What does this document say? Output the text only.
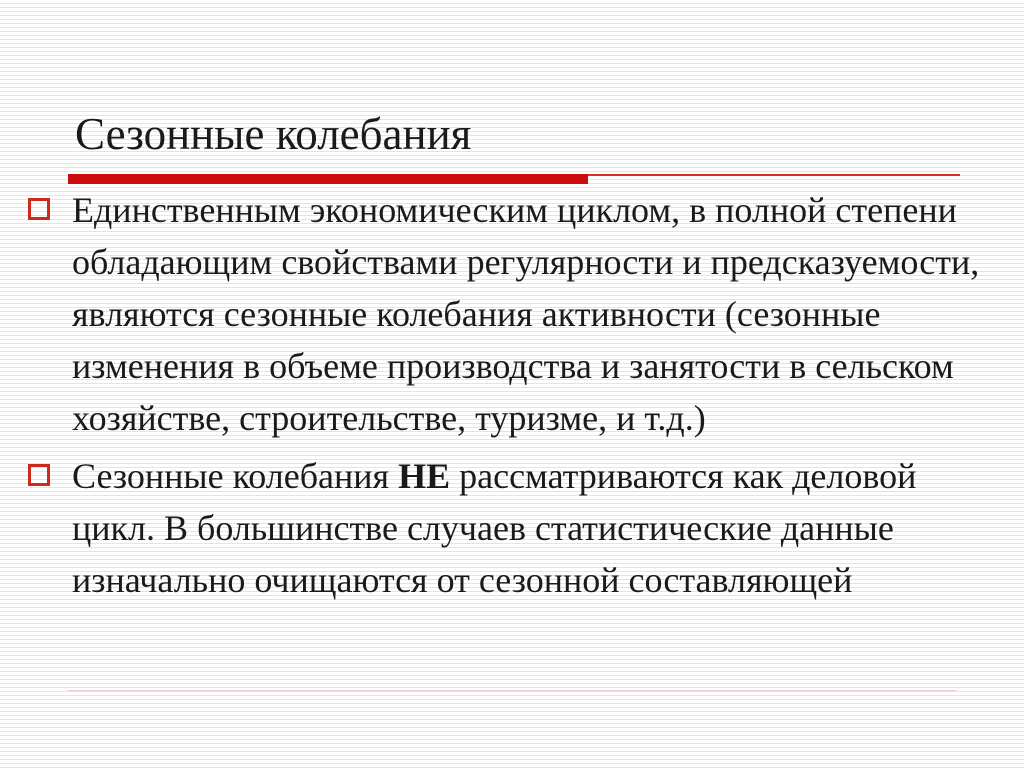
Сезонные колебания
Единственным экономическим циклом, в полной степени обладающим свойствами регулярности и предсказуемости, являются сезонные колебания активности (сезонные изменения в объеме производства и занятости в сельском хозяйстве, строительстве, туризме, и т.д.)
Сезонные колебания НЕ рассматриваются как деловой цикл. В большинстве случаев статистические данные изначально очищаются от сезонной составляющей
